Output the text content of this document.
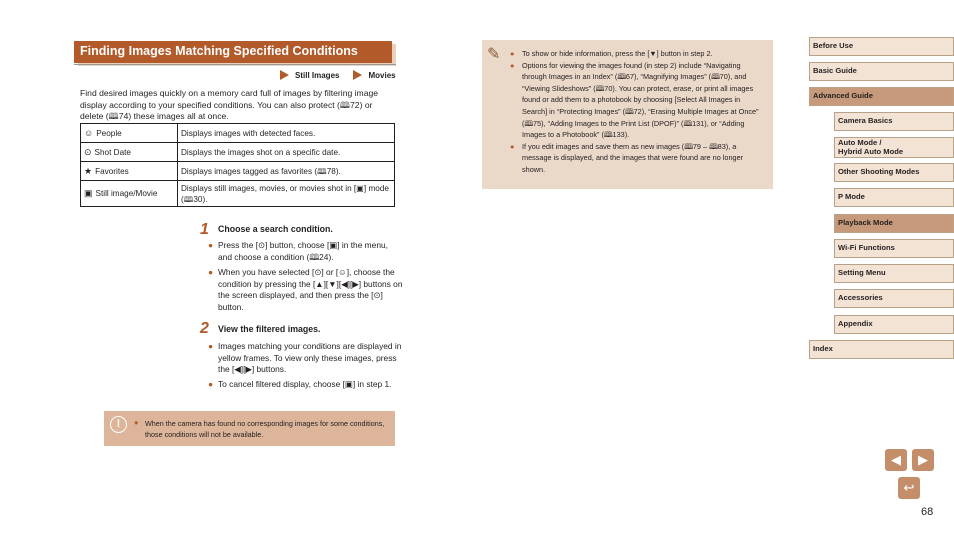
Finding Images Matching Specified Conditions
Still Images	Movies
Find desired images quickly on a memory card full of images by filtering image display according to your specified conditions. You can also protect (​🕮72) or delete (🕮74) these images all at once.
☺ People	Displays images with detected faces.
⊙ Shot Date	Displays the images shot on a specific date.
★ Favorites	Displays images tagged as favorites (🕮78).
▣ Still image/Movie	Displays still images, movies, or movies shot in [▣] mode (🕮30).
1 Choose a search condition.
● Press the [⊙] button, choose [▣] in the menu, and choose a condition (🕮24).
● When you have selected [⊙] or [☺], choose the condition by pressing the [▲][▼][◀][▶] buttons on the screen displayed, and then press the [⊙] button.
2 View the filtered images.
● Images matching your conditions are displayed in yellow frames. To view only these images, press the [◀][▶] buttons.
● To cancel filtered display, choose [▣] in step 1.
!	● When the camera has found no corresponding images for some conditions, those conditions will not be available.
✎ ● To show or hide information, press the [▼] button in step 2.
● Options for viewing the images found (in step 2) include “Navigating through Images in an Index” (🕮67), “Magnifying Images” (🕮70), and “Viewing Slideshows” (🕮70). You can protect, erase, or print all images found or add them to a photobook by choosing [Select All Images in Search] in “Protecting Images” (🕮72), “Erasing Multiple Images at Once” (🕮75), “Adding Images to the Print List (DPOF)” (🕮131), or “Adding Images to a Photobook” (🕮133).
● If you edit images and save them as new images (🕮79 – 🕮83), a message is displayed, and the images that were found are no longer shown.
Before Use
Basic Guide
Advanced Guide
Camera Basics
Auto Mode /
Hybrid Auto Mode
Other Shooting Modes
P Mode
Playback Mode
Wi-Fi Functions
Setting Menu
Accessories
Appendix
Index
◀	▶
↩
68
